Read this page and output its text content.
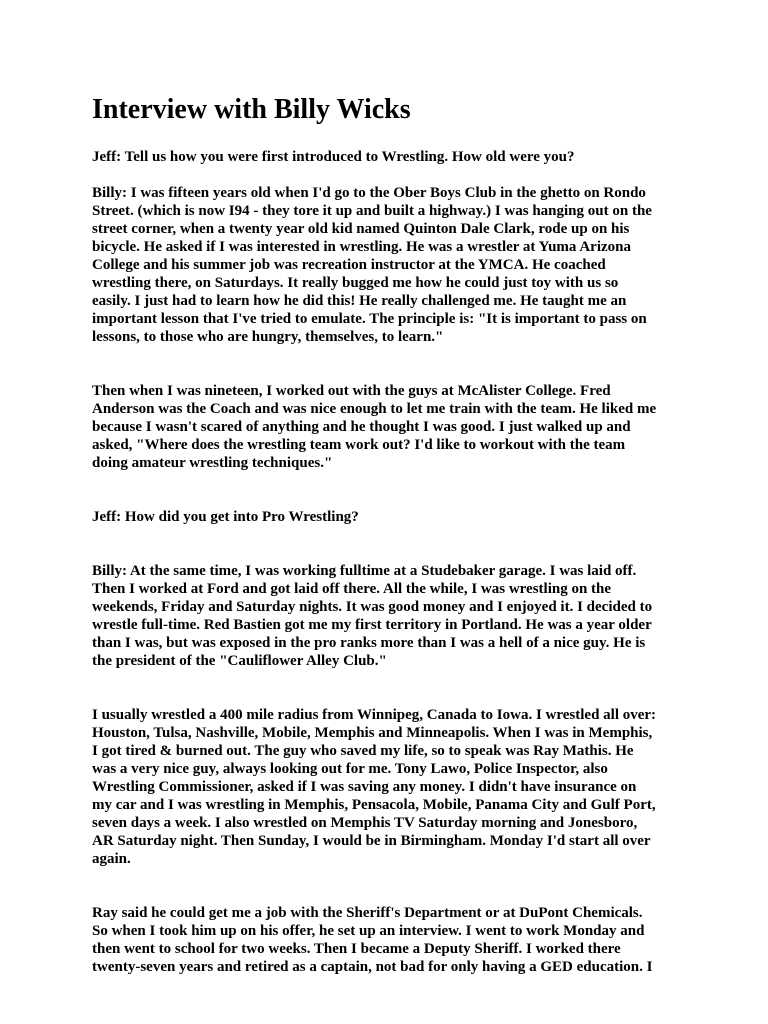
Interview with Billy Wicks

Jeff: Tell us how you were first introduced to Wrestling. How old were you?

Billy: I was fifteen years old when I'd go to the Ober Boys Club in the ghetto on Rondo
Street. (which is now I94 - they tore it up and built a highway.) I was hanging out on the
street corner, when a twenty year old kid named Quinton Dale Clark, rode up on his
bicycle. He asked if I was interested in wrestling. He was a wrestler at Yuma Arizona
College and his summer job was recreation instructor at the YMCA. He coached
wrestling there, on Saturdays. It really bugged me how he could just toy with us so
easily. I just had to learn how he did this! He really challenged me. He taught me an
important lesson that I've tried to emulate. The principle is: "It is important to pass on
lessons, to those who are hungry, themselves, to learn."

Then when I was nineteen, I worked out with the guys at McAlister College. Fred
Anderson was the Coach and was nice enough to let me train with the team. He liked me
because I wasn't scared of anything and he thought I was good. I just walked up and
asked, "Where does the wrestling team work out? I'd like to workout with the team
doing amateur wrestling techniques."

Jeff: How did you get into Pro Wrestling?

Billy: At the same time, I was working fulltime at a Studebaker garage. I was laid off.
Then I worked at Ford and got laid off there. All the while, I was wrestling on the
weekends, Friday and Saturday nights. It was good money and I enjoyed it. I decided to
wrestle full-time. Red Bastien got me my first territory in Portland. He was a year older
than I was, but was exposed in the pro ranks more than I was a hell of a nice guy. He is
the president of the "Cauliflower Alley Club."

I usually wrestled a 400 mile radius from Winnipeg, Canada to Iowa. I wrestled all over:
Houston, Tulsa, Nashville, Mobile, Memphis and Minneapolis. When I was in Memphis,
I got tired & burned out. The guy who saved my life, so to speak was Ray Mathis. He
was a very nice guy, always looking out for me. Tony Lawo, Police Inspector, also
Wrestling Commissioner, asked if I was saving any money. I didn't have insurance on
my car and I was wrestling in Memphis, Pensacola, Mobile, Panama City and Gulf Port,
seven days a week. I also wrestled on Memphis TV Saturday morning and Jonesboro,
AR Saturday night. Then Sunday, I would be in Birmingham. Monday I'd start all over
again.

Ray said he could get me a job with the Sheriff's Department or at DuPont Chemicals.
So when I took him up on his offer, he set up an interview. I went to work Monday and
then went to school for two weeks. Then I became a Deputy Sheriff. I worked there
twenty-seven years and retired as a captain, not bad for only having a GED education. I
